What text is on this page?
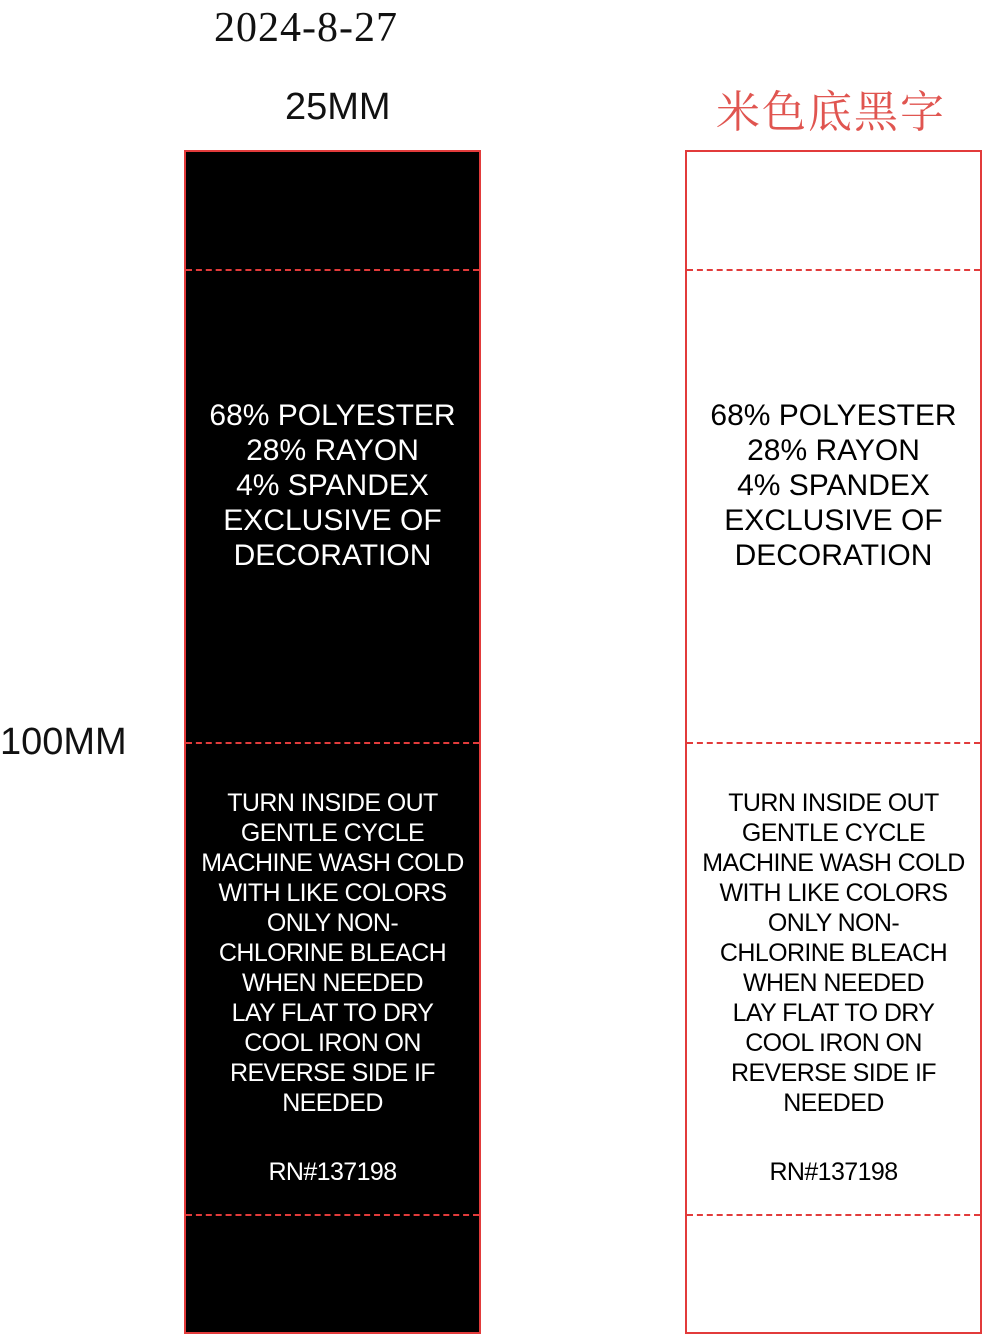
2024-8-27
25MM
100MM
米色底黑字
68% POLYESTER
28% RAYON
4% SPANDEX
EXCLUSIVE OF
DECORATION
TURN INSIDE OUT
GENTLE CYCLE
MACHINE WASH COLD
WITH LIKE COLORS
ONLY NON-
CHLORINE BLEACH
WHEN NEEDED
LAY FLAT TO DRY
COOL IRON ON
REVERSE SIDE IF
NEEDED
RN#137198
68% POLYESTER
28% RAYON
4% SPANDEX
EXCLUSIVE OF
DECORATION
TURN INSIDE OUT
GENTLE CYCLE
MACHINE WASH COLD
WITH LIKE COLORS
ONLY NON-
CHLORINE BLEACH
WHEN NEEDED
LAY FLAT TO DRY
COOL IRON ON
REVERSE SIDE IF
NEEDED
RN#137198
